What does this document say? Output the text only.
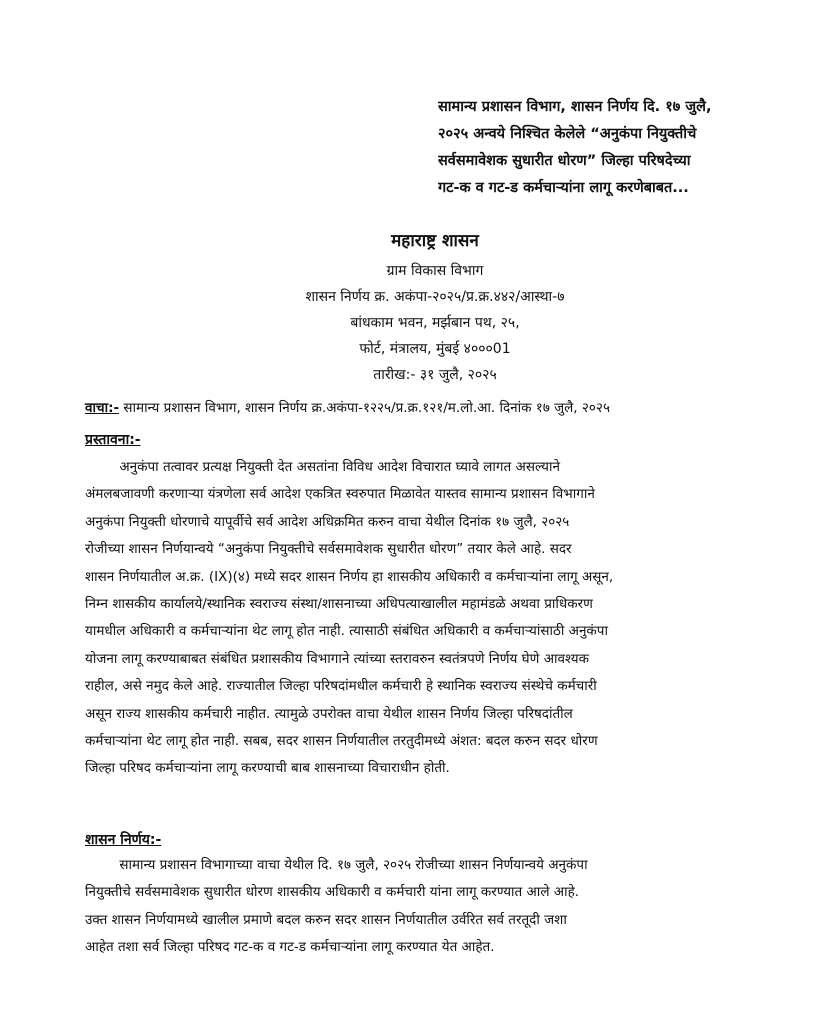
सामान्य प्रशासन विभाग, शासन निर्णय दि. १७ जुलै,
२०२५ अन्वये निश्चित केलेले “अनुकंपा नियुक्तीचे
सर्वसमावेशक सुधारीत धोरण” जिल्हा परिषदेच्या
गट-क व गट-ड कर्मचाऱ्यांना लागू करणेबाबत...
महाराष्ट्र शासन
ग्राम विकास विभाग
शासन निर्णय क्र. अकंपा-२०२५/प्र.क्र.४४२/आस्था-७
बांधकाम भवन, मर्झबान पथ, २५,
फोर्ट, मंत्रालय, मुंबई ४०००01
तारीख:- ३१ जुलै, २०२५
वाचा:- सामान्य प्रशासन विभाग, शासन निर्णय क्र.अकंपा-१२२५/प्र.क्र.१२१/म.लो.आ. दिनांक १७ जुलै, २०२५
प्रस्तावना:-
अनुकंपा तत्वावर प्रत्यक्ष नियुक्ती देत असतांना विविध आदेश विचारात घ्यावे लागत असल्याने
अंमलबजावणी करणाऱ्या यंत्रणेला सर्व आदेश एकत्रित स्वरुपात मिळावेत यास्तव सामान्य प्रशासन विभागाने
अनुकंपा नियुक्ती धोरणाचे यापूर्वीचे सर्व आदेश अधिक्रमित करुन वाचा येथील दिनांक १७ जुलै, २०२५
रोजीच्या शासन निर्णयान्वये “अनुकंपा नियुक्तीचे सर्वसमावेशक सुधारीत धोरण” तयार केले आहे. सदर
शासन निर्णयातील अ.क्र. (IX)(४) मध्ये सदर शासन निर्णय हा शासकीय अधिकारी व कर्मचाऱ्यांना लागू असून,
निम्न शासकीय कार्यालये/स्थानिक स्वराज्य संस्था/शासनाच्या अधिपत्याखालील महामंडळे अथवा प्राधिकरण
यामधील अधिकारी व कर्मचाऱ्यांना थेट लागू होत नाही. त्यासाठी संबंधित अधिकारी व कर्मचाऱ्यांसाठी अनुकंपा
योजना लागू करण्याबाबत संबंधित प्रशासकीय विभागाने त्यांच्या स्तरावरुन स्वतंत्रपणे निर्णय घेणे आवश्यक
राहील, असे नमुद केले आहे. राज्यातील जिल्हा परिषदांमधील कर्मचारी हे स्थानिक स्वराज्य संस्थेचे कर्मचारी
असून राज्य शासकीय कर्मचारी नाहीत. त्यामुळे उपरोक्त वाचा येथील शासन निर्णय जिल्हा परिषदांतील
कर्मचाऱ्यांना थेट लागू होत नाही. सबब, सदर शासन निर्णयातील तरतुदीमध्ये अंशत: बदल करुन सदर धोरण
जिल्हा परिषद कर्मचाऱ्यांना लागू करण्याची बाब शासनाच्या विचाराधीन होती.
शासन निर्णय:-
सामान्य प्रशासन विभागाच्या वाचा येथील दि. १७ जुलै, २०२५ रोजीच्या शासन निर्णयान्वये अनुकंपा
नियुक्तीचे सर्वसमावेशक सुधारीत धोरण शासकीय अधिकारी व कर्मचारी यांना लागू करण्यात आले आहे.
उक्त शासन निर्णयामध्ये खालील प्रमाणे बदल करुन सदर शासन निर्णयातील उर्वरित सर्व तरतूदी जशा
आहेत तशा सर्व जिल्हा परिषद गट-क व गट-ड कर्मचाऱ्यांना लागू करण्यात येत आहेत.
